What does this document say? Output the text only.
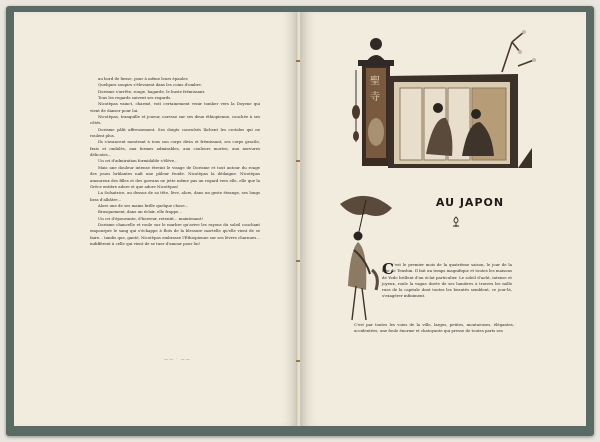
au bord de liesse, pour à même leurs épaules

Quelques soupirs s'élevaient dans les coins d'ombre.

Dorisme s'arrête, rouge, hagarde, le buste frémissant.

Tous les regards suivent ses regards.

Nicotèpas vainct, charmé, voit certainement venir tomber vers la Doyene qui vient de danser pour lui.

Nicotèpas, tranquille et joueur, caresse sur ses deux éthiopienne, couchée à ses côtés.

Dorisme pâlit affreusement. Ses doigts convulsés lâchent les crotales qui ne roulent plus.

Ils s'avancent montrant à tous son corps divin et frémissant, ses corps gracile, frais et ondulés, aux formes admirables, aux couleurs mortes, aux nervures délicates...

Un cri d'admiration formidable s'élève...

Mais une douleur intense étreint le visage de Dorisme et tout autour du rouge des joues brûlantes naît une pâleur froide. Nicotèpas la dédaigne. Nicotèpas amoureux des filles et des gorrans ne jette même pas un regard vers elle, elle que la Grèce entière adore et que adore Nicotèpas!

La Sulsatrice, au dessus de sa tête, lève, alors, dans un geste étrange, ses longs bras d'albâtre...

Alors une de ses mains brille quelque chose...

Brusquement, dans un éclair, elle frappe...

Un cri d'épouvante, d'horreur, retentit... maintenant!

Dorisme chancelle et roule sur le marbre qu'avive les rayons du soleil couchant empourpre le sang qui s'échappe à flots de la blessure mortelle qu'elle vient de se faire... tandis que, ganté, Nicotèpas embrasse l'Éthiopienne sur ses lèvres charnues... indifférent à celle qui vient de se tuer d'amour pour lui!

—— · ——
聖
寺
AU JAPON
C 'est le premier mois de la quatrième saison, le jour de la fête de Tenshin. Il fait un temps magnifique et toutes les maisons de Yedo brillent d'un éclat particulier. Le soleil d'août, intense et joyeux, roule la vague dorée de ses lumières à travers les mille rues de la capitale dont toutes les beautés semblent, ce jour-là, s'exagérer infiniment.

C'est par toutes les voies de la ville, larges, petites, montueuses, élégantes, accidentées, une foule énorme et chatoyante qui presse de toutes parts ses
